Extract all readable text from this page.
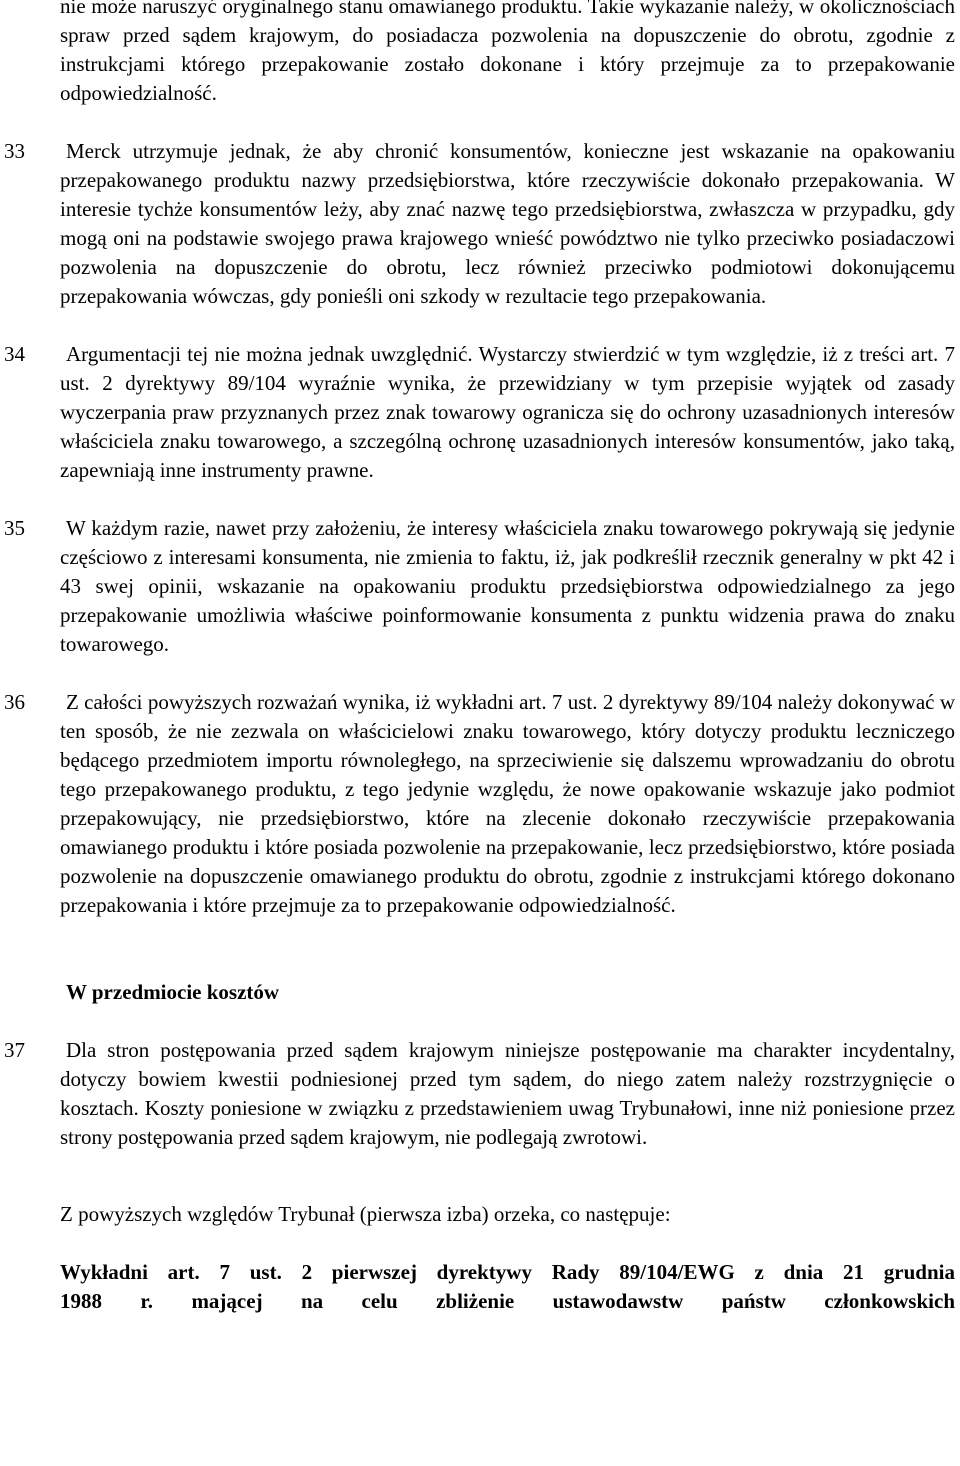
nie może naruszyć oryginalnego stanu omawianego produktu. Takie wykazanie należy, w okolicznościach spraw przed sądem krajowym, do posiadacza pozwolenia na dopuszczenie do obrotu, zgodnie z instrukcjami którego przepakowanie zostało dokonane i który przejmuje za to przepakowanie odpowiedzialność.

33	Merck utrzymuje jednak, że aby chronić konsumentów, konieczne jest wskazanie na opakowaniu przepakowanego produktu nazwy przedsiębiorstwa, które rzeczywiście dokonało przepakowania. W interesie tychże konsumentów leży, aby znać nazwę tego przedsiębiorstwa, zwłaszcza w przypadku, gdy mogą oni na podstawie swojego prawa krajowego wnieść powództwo nie tylko przeciwko posiadaczowi pozwolenia na dopuszczenie do obrotu, lecz również przeciwko podmiotowi dokonującemu przepakowania wówczas, gdy ponieśli oni szkody w rezultacie tego przepakowania.

34	Argumentacji tej nie można jednak uwzględnić. Wystarczy stwierdzić w tym względzie, iż z treści art. 7 ust. 2 dyrektywy 89/104 wyraźnie wynika, że przewidziany w tym przepisie wyjątek od zasady wyczerpania praw przyznanych przez znak towarowy ogranicza się do ochrony uzasadnionych interesów właściciela znaku towarowego, a szczególną ochronę uzasadnionych interesów konsumentów, jako taką, zapewniają inne instrumenty prawne.

35	W każdym razie, nawet przy założeniu, że interesy właściciela znaku towarowego pokrywają się jedynie częściowo z interesami konsumenta, nie zmienia to faktu, iż, jak podkreślił rzecznik generalny w pkt 42 i 43 swej opinii, wskazanie na opakowaniu produktu przedsiębiorstwa odpowiedzialnego za jego przepakowanie umożliwia właściwe poinformowanie konsumenta z punktu widzenia prawa do znaku towarowego.

36	Z całości powyższych rozważań wynika, iż wykładni art. 7 ust. 2 dyrektywy 89/104 należy dokonywać w ten sposób, że nie zezwala on właścicielowi znaku towarowego, który dotyczy produktu leczniczego będącego przedmiotem importu równoległego, na sprzeciwienie się dalszemu wprowadzaniu do obrotu tego przepakowanego produktu, z tego jedynie względu, że nowe opakowanie wskazuje jako podmiot przepakowujący, nie przedsiębiorstwo, które na zlecenie dokonało rzeczywiście przepakowania omawianego produktu i które posiada pozwolenie na przepakowanie, lecz przedsiębiorstwo, które posiada pozwolenie na dopuszczenie omawianego produktu do obrotu, zgodnie z instrukcjami którego dokonano przepakowania i które przejmuje za to przepakowanie odpowiedzialność.

W przedmiocie kosztów

37	Dla stron postępowania przed sądem krajowym niniejsze postępowanie ma charakter incydentalny, dotyczy bowiem kwestii podniesionej przed tym sądem, do niego zatem należy rozstrzygnięcie o kosztach. Koszty poniesione w związku z przedstawieniem uwag Trybunałowi, inne niż poniesione przez strony postępowania przed sądem krajowym, nie podlegają zwrotowi.

Z powyższych względów Trybunał (pierwsza izba) orzeka, co następuje:

Wykładni art. 7 ust. 2 pierwszej dyrektywy Rady 89/104/EWG z dnia 21 grudnia
1988 r. mającej na celu zbliżenie ustawodawstw państw członkowskich
